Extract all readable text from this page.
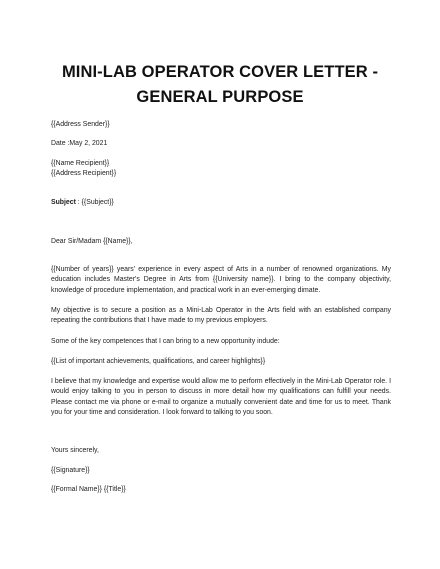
MINI-LAB OPERATOR COVER LETTER -
GENERAL PURPOSE
{{Address Sender}}
Date :May 2, 2021
{{Name Recipient}}
{{Address Recipient}}
Subject : {{Subject}}
Dear Sir/Madam {{Name}},
{{Number of years}} years' experience in every aspect of Arts in a number of renowned organizations. My education includes Master's Degree in Arts from {{University name}}. I bring to the company objectivity, knowledge of procedure implementation, and practical work in an ever-emerging dimate.
My objective is to secure a position as a Mini-Lab Operator in the Arts field with an established company repeating the contributions that I have made to my previous employers.
Some of the key competences that I can bring to a new opportunity indude:
{{List of important achievements, qualifications, and career highlights}}
I believe that my knowledge and expertise would allow me to perform effectively in the Mini-Lab Operator role. I would enjoy talking to you in person to discuss in more detail how my qualifications can fulfill your needs. Please contact me via phone or e-mail to organize a mutually convenient date and time for us to meet. Thank you for your time and consideration. I look forward to talking to you soon.
Yours sincerely,
{{Signature}}
{{Formal Name}} {{Title}}
